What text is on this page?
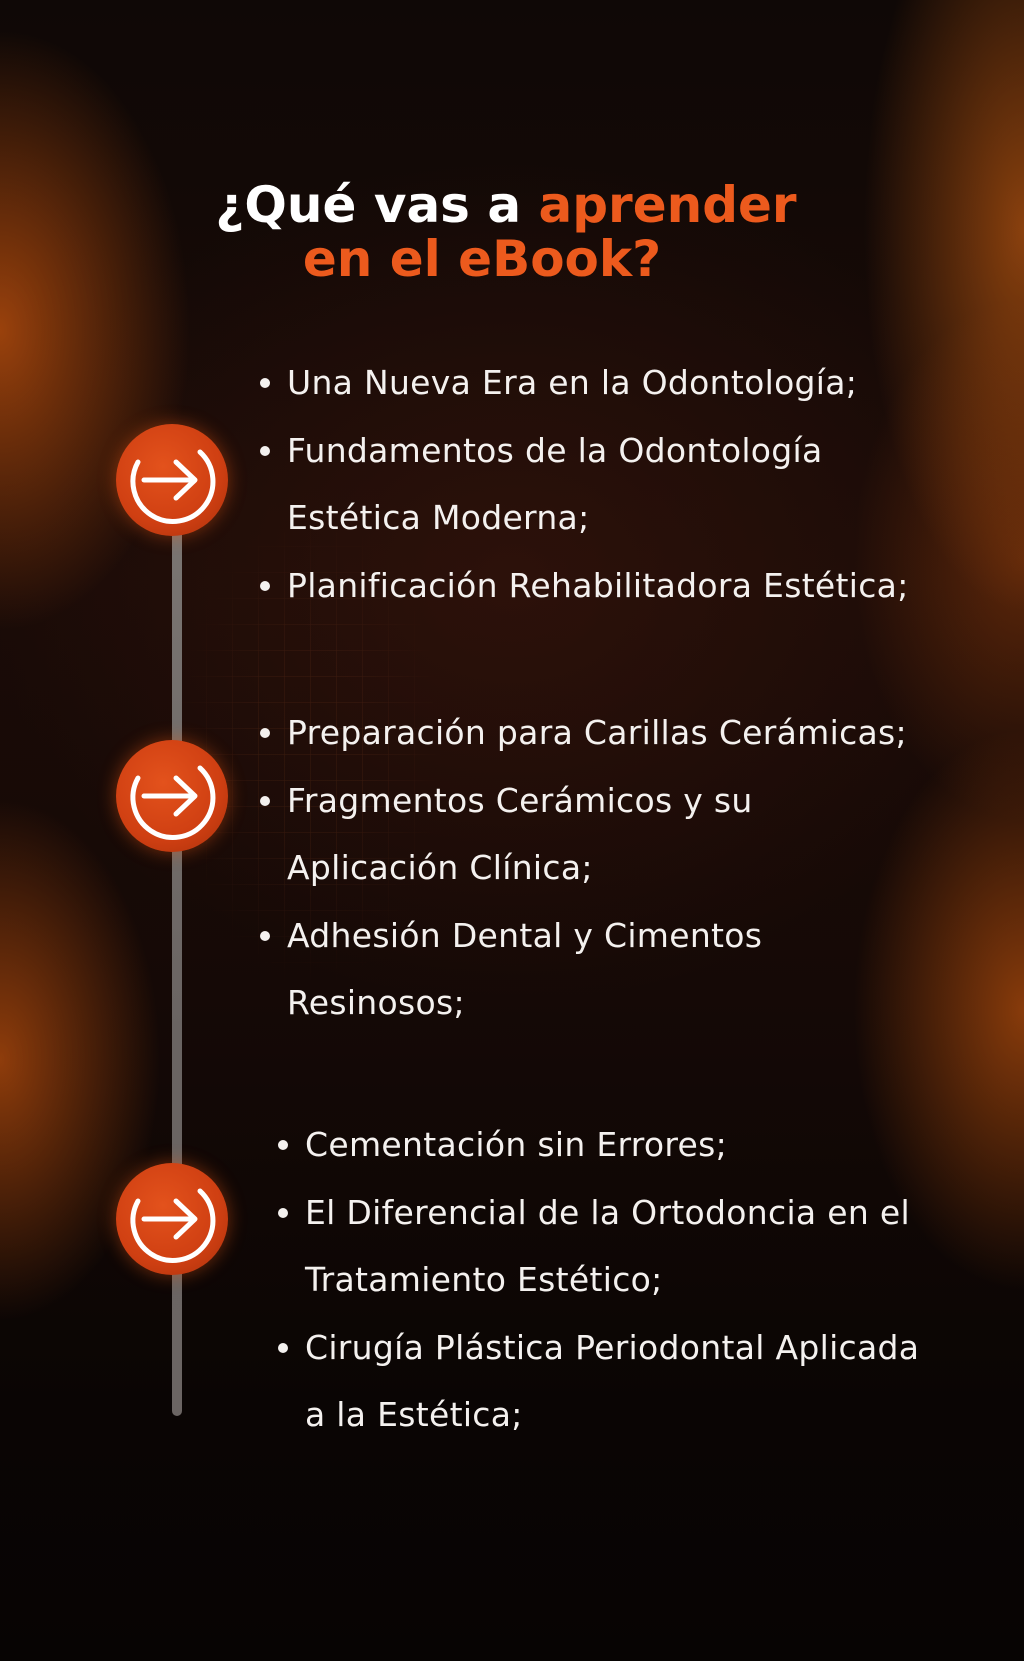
¿Qué vas a aprender
en el eBook?
Una Nueva Era en la Odontología;
Fundamentos de la Odontología
Estética Moderna;
Planificación Rehabilitadora Estética;
Preparación para Carillas Cerámicas;
Fragmentos Cerámicos y su
Aplicación Clínica;
Adhesión Dental y Cimentos
Resinosos;
Cementación sin Errores;
El Diferencial de la Ortodoncia en el
Tratamiento Estético;
Cirugía Plástica Periodontal Aplicada
a la Estética;
